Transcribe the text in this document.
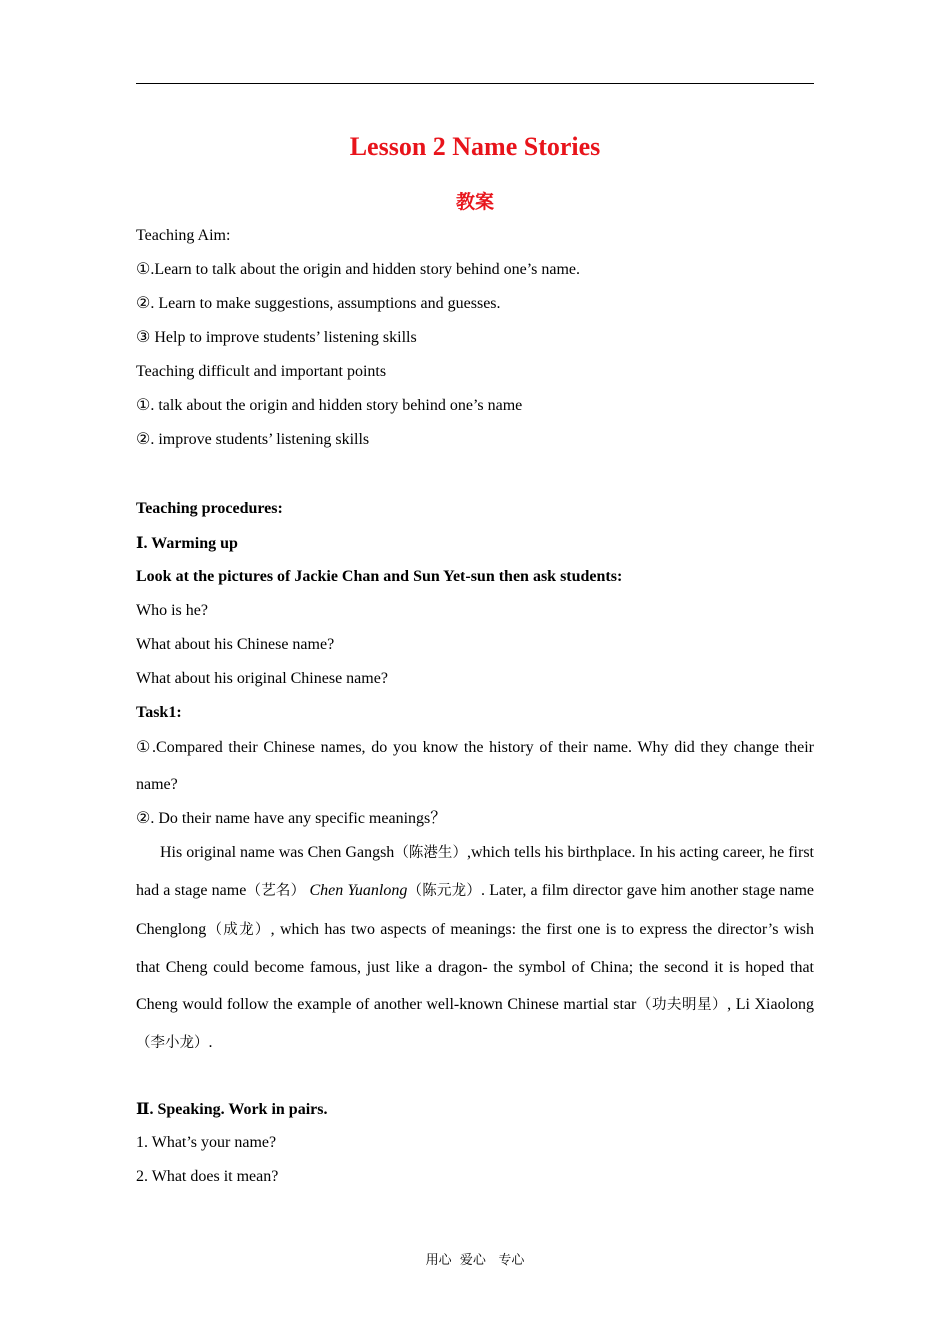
Lesson 2 Name Stories
教案
Teaching Aim:
①.Learn to talk about the origin and hidden story behind one’s name.
②. Learn to make suggestions, assumptions and guesses.
③ Help to improve students’ listening skills
Teaching difficult and important points
①. talk about the origin and hidden story behind one’s name
②. improve students’ listening skills
Teaching procedures:
Ⅰ. Warming up
Look at the pictures of Jackie Chan and Sun Yet-sun then ask students:
Who is he?
What about his Chinese name?
What about his original Chinese name?
Task1:
①.Compared their Chinese names, do you know the history of their name. Why did they change their name?
②. Do their name have any specific meanings？
His original name was Chen Gangsh（陈港生）,which tells his birthplace. In his acting career, he first had a stage name（艺名） Chen Yuanlong（陈元龙）. Later, a film director gave him another stage name Chenglong（成龙）, which has two aspects of meanings: the first one is to express the director’s wish that Cheng could become famous, just like a dragon- the symbol of China; the second it is hoped that Cheng would follow the example of another well-known Chinese martial star（功夫明星）, Li Xiaolong（李小龙）.
Ⅱ. Speaking. Work in pairs.
1. What’s your name?
2. What does it mean?
用心  爱心   专心
